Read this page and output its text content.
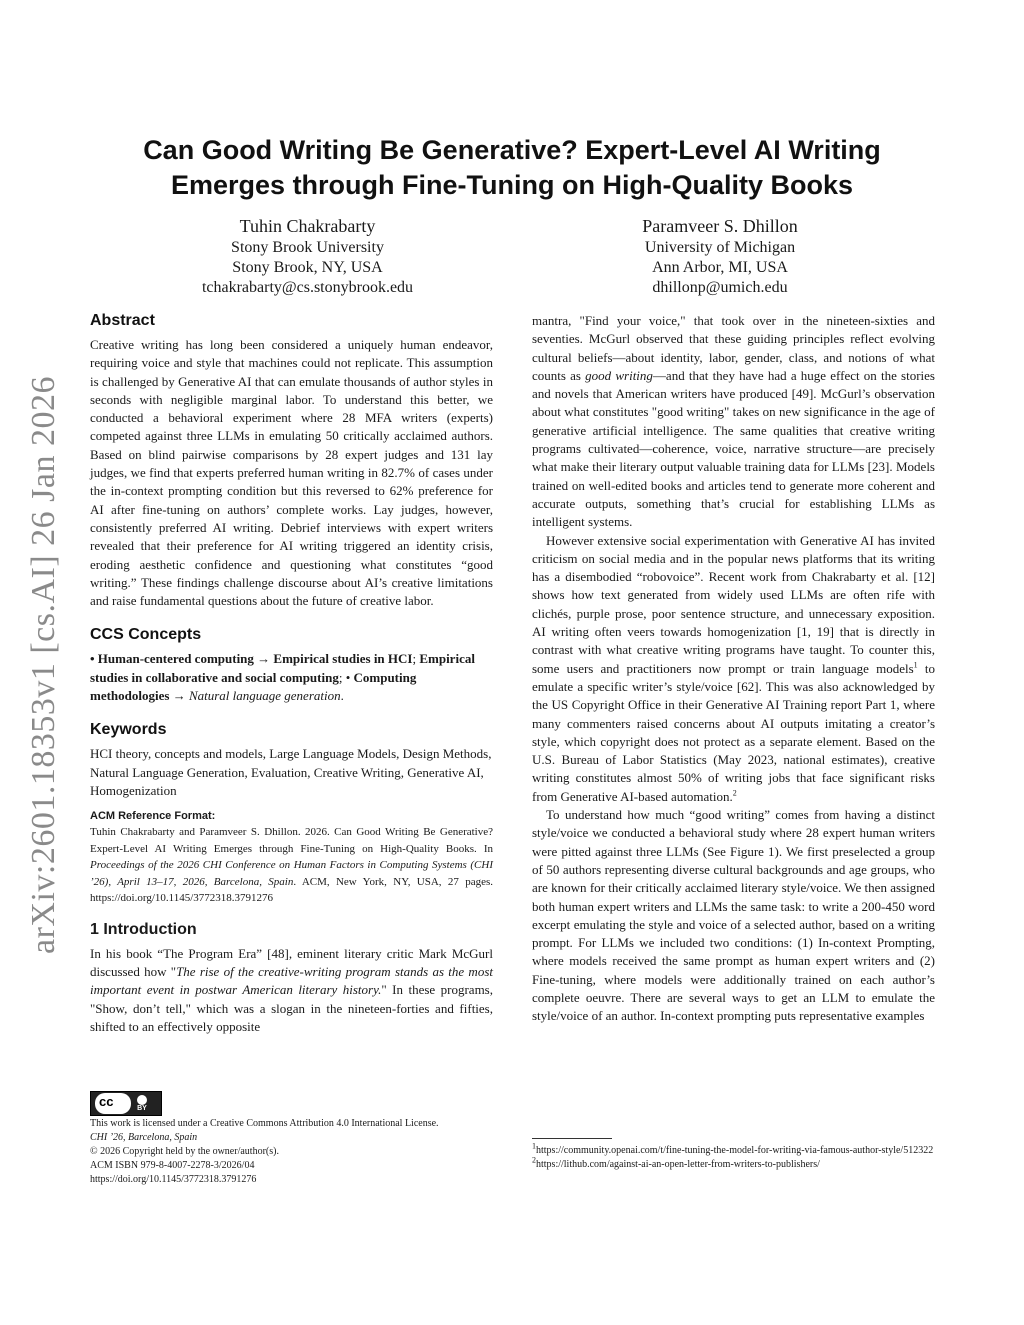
arXiv:2601.18353v1 [cs.AI] 26 Jan 2026
Can Good Writing Be Generative? Expert-Level AI Writing
Emerges through Fine-Tuning on High-Quality Books
Tuhin Chakrabarty
Stony Brook University
Stony Brook, NY, USA
tchakrabarty@cs.stonybrook.edu
Paramveer S. Dhillon
University of Michigan
Ann Arbor, MI, USA
dhillonp@umich.edu
Abstract

Creative writing has long been considered a uniquely human endeavor, requiring voice and style that machines could not replicate. This assumption is challenged by Generative AI that can emulate thousands of author styles in seconds with negligible marginal labor. To understand this better, we conducted a behavioral experiment where 28 MFA writers (experts) competed against three LLMs in emulating 50 critically acclaimed authors. Based on blind pairwise comparisons by 28 expert judges and 131 lay judges, we find that experts preferred human writing in 82.7% of cases under the in-context prompting condition but this reversed to 62% preference for AI after fine-tuning on authors’ complete works. Lay judges, however, consistently preferred AI writing. Debrief interviews with expert writers revealed that their preference for AI writing triggered an identity crisis, eroding aesthetic confidence and questioning what constitutes “good writing.” These findings challenge discourse about AI’s creative limitations and raise fundamental questions about the future of creative labor.

CCS Concepts

• Human-centered computing → Empirical studies in HCI; Empirical studies in collaborative and social computing; • Computing methodologies → Natural language generation.

Keywords

HCI theory, concepts and models, Large Language Models, Design Methods, Natural Language Generation, Evaluation, Creative Writing, Generative AI, Homogenization

ACM Reference Format:

Tuhin Chakrabarty and Paramveer S. Dhillon. 2026. Can Good Writing Be Generative? Expert-Level AI Writing Emerges through Fine-Tuning on High-Quality Books. In Proceedings of the 2026 CHI Conference on Human Factors in Computing Systems (CHI ’26), April 13–17, 2026, Barcelona, Spain. ACM, New York, NY, USA, 27 pages. https://doi.org/10.1145/3772318.3791276

1 Introduction

In his book “The Program Era” [48], eminent literary critic Mark McGurl discussed how "The rise of the creative-writing program stands as the most important event in postwar American literary history." In these programs, "Show, don’t tell," which was a slogan in the nineteen-forties and fifties, shifted to an effectively opposite

cc	BY
This work is licensed under a Creative Commons Attribution 4.0 International License.
CHI ’26, Barcelona, Spain
© 2026 Copyright held by the owner/author(s).
ACM ISBN 979-8-4007-2278-3/2026/04
https://doi.org/10.1145/3772318.3791276

mantra, "Find your voice," that took over in the nineteen-sixties and seventies. McGurl observed that these guiding principles reflect evolving cultural beliefs—about identity, labor, gender, class, and notions of what counts as good writing—and that they have had a huge effect on the stories and novels that American writers have produced [49]. McGurl’s observation about what constitutes "good writing" takes on new significance in the age of generative artificial intelligence. The same qualities that creative writing programs cultivated—coherence, voice, narrative structure—are precisely what make their literary output valuable training data for LLMs [23]. Models trained on well-edited books and articles tend to generate more coherent and accurate outputs, something that’s crucial for establishing LLMs as intelligent systems.

However extensive social experimentation with Generative AI has invited criticism on social media and in the popular news platforms that its writing has a disembodied “robovoice”. Recent work from Chakrabarty et al. [12] shows how text generated from widely used LLMs are often rife with clichés, purple prose, poor sentence structure, and unnecessary exposition. AI writing often veers towards homogenization [1, 19] that is directly in contrast with what creative writing programs have taught. To counter this, some users and practitioners now prompt or train language models$^1$ to emulate a specific writer’s style/voice [62]. This was also acknowledged by the US Copyright Office in their Generative AI Training report Part 1, where many commenters raised concerns about AI outputs imitating a creator’s style, which copyright does not protect as a separate element. Based on the U.S. Bureau of Labor Statistics (May 2023, national estimates), creative writing constitutes almost 50% of writing jobs that face significant risks from Generative AI-based automation.$^2$

To understand how much “good writing” comes from having a distinct style/voice we conducted a behavioral study where 28 expert human writers were pitted against three LLMs (See Figure 1). We first preselected a group of 50 authors representing diverse cultural backgrounds and age groups, who are known for their critically acclaimed literary style/voice. We then assigned both human expert writers and LLMs the same task: to write a 200-450 word excerpt emulating the style and voice of a selected author, based on a writing prompt. For LLMs we included two conditions: (1) In-context Prompting, where models received the same prompt as human expert writers and (2) Fine-tuning, where models were additionally trained on each author’s complete oeuvre. There are several ways to get an LLM to emulate the style/voice of an author. In-context prompting puts representative examples

$^1$https://community.openai.com/t/fine-tuning-the-model-for-writing-via-famous-author-style/512322
$^2$https://lithub.com/against-ai-an-open-letter-from-writers-to-publishers/
